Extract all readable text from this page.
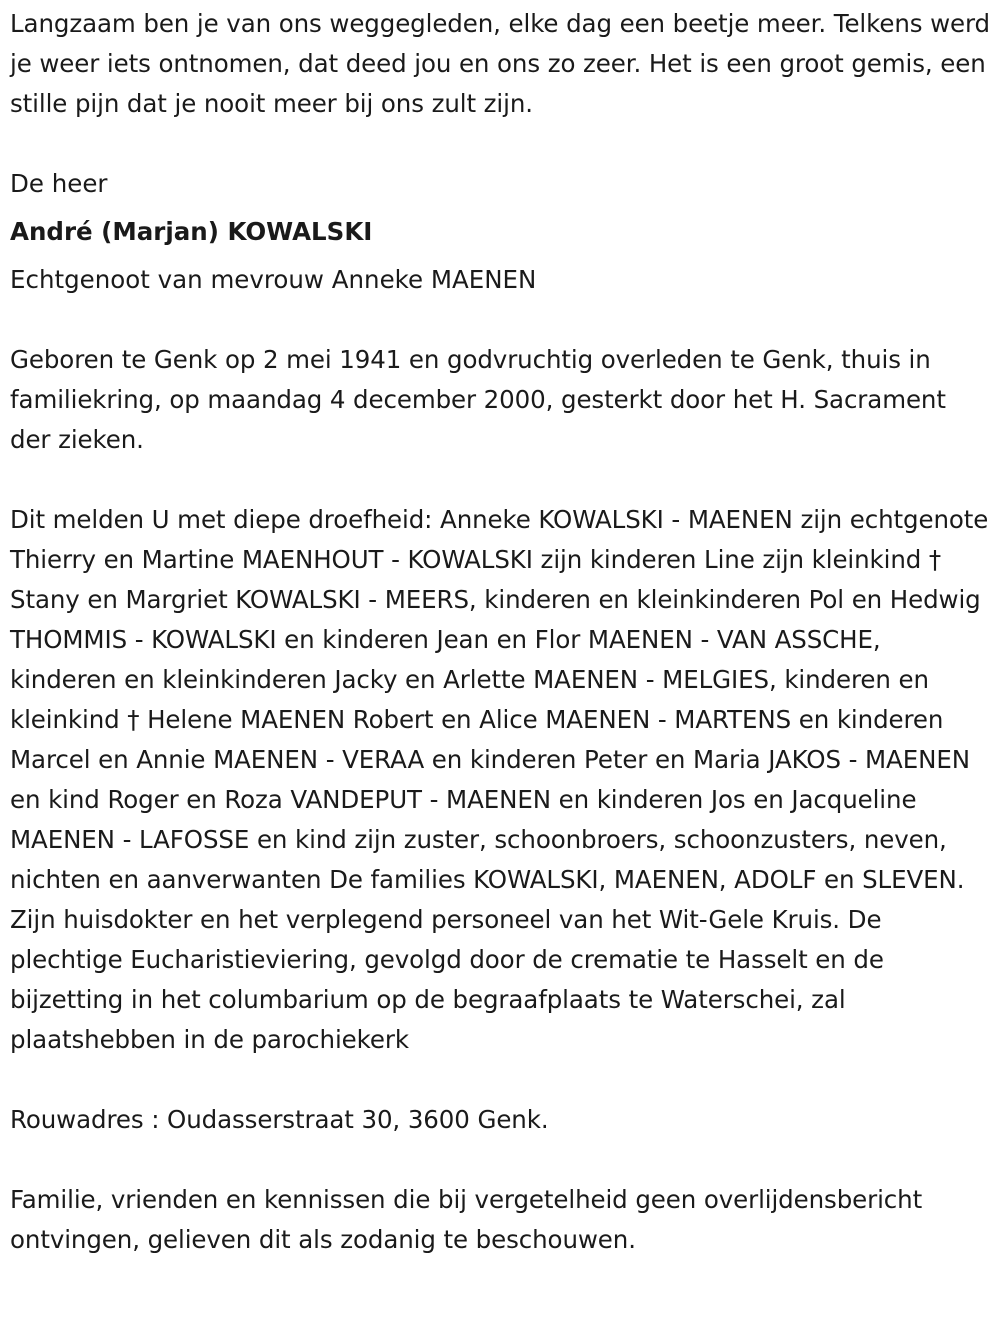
Langzaam ben je van ons weggegleden, elke dag een beetje meer. Telkens werd je weer iets ontnomen, dat deed jou en ons zo zeer. Het is een groot gemis, een stille pijn dat je nooit meer bij ons zult zijn.

De heer

André (Marjan) KOWALSKI

Echtgenoot van mevrouw Anneke MAENEN

Geboren te Genk op 2 mei 1941 en godvruchtig overleden te Genk, thuis in familiekring, op maandag 4 december 2000, gesterkt door het H. Sacrament der zieken.

Dit melden U met diepe droefheid: Anneke KOWALSKI - MAENEN zijn echtgenote Thierry en Martine MAENHOUT - KOWALSKI zijn kinderen Line zijn kleinkind † Stany en Margriet KOWALSKI - MEERS, kinderen en kleinkinderen Pol en Hedwig THOMMIS - KOWALSKI en kinderen Jean en Flor MAENEN - VAN ASSCHE, kinderen en kleinkinderen Jacky en Arlette MAENEN - MELGIES, kinderen en kleinkind † Helene MAENEN Robert en Alice MAENEN - MARTENS en kinderen Marcel en Annie MAENEN - VERAA en kinderen Peter en Maria JAKOS - MAENEN en kind Roger en Roza VANDEPUT - MAENEN en kinderen Jos en Jacqueline MAENEN - LAFOSSE en kind zijn zuster, schoonbroers, schoonzusters, neven, nichten en aanverwanten De families KOWALSKI, MAENEN, ADOLF en SLEVEN. Zijn huisdokter en het verplegend personeel van het Wit-Gele Kruis. De plechtige Eucharistieviering, gevolgd door de crematie te Hasselt en de bijzetting in het columbarium op de begraafplaats te Waterschei, zal plaatshebben in de parochiekerk

Rouwadres : Oudasserstraat 30, 3600 Genk.

Familie, vrienden en kennissen die bij vergetelheid geen overlijdensbericht ontvingen, gelieven dit als zodanig te beschouwen.
